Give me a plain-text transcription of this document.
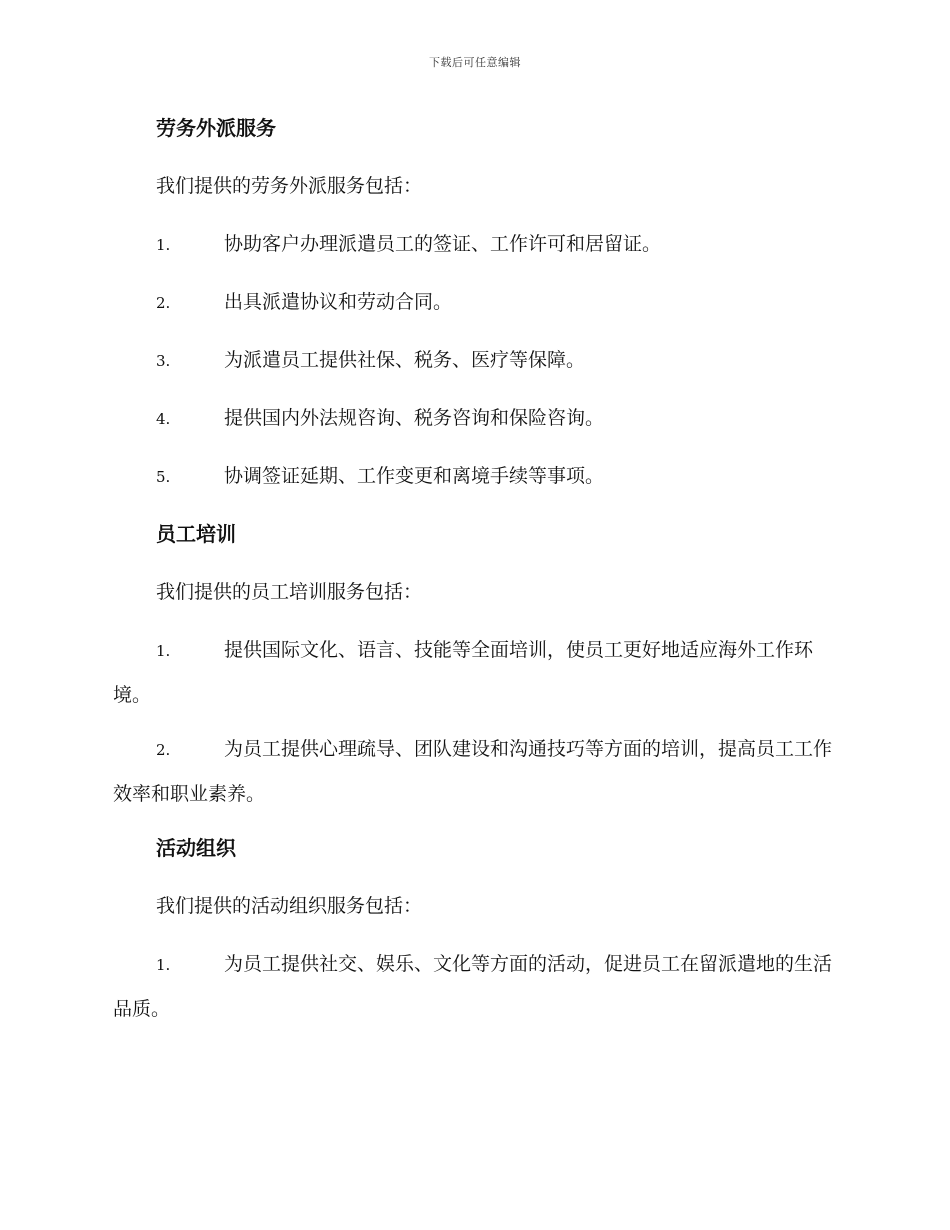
下载后可任意编辑
劳务外派服务
我们提供的劳务外派服务包括：
1.	协助客户办理派遣员工的签证、工作许可和居留证。
2.	出具派遣协议和劳动合同。
3.	为派遣员工提供社保、税务、医疗等保障。
4.	提供国内外法规咨询、税务咨询和保险咨询。
5.	协调签证延期、工作变更和离境手续等事项。
员工培训
我们提供的员工培训服务包括：
1.	提供国际文化、语言、技能等全面培训，使员工更好地适应海外工作环境。
2.	为员工提供心理疏导、团队建设和沟通技巧等方面的培训，提高员工工作效率和职业素养。
活动组织
我们提供的活动组织服务包括：
1.	为员工提供社交、娱乐、文化等方面的活动，促进员工在留派遣地的生活品质。
